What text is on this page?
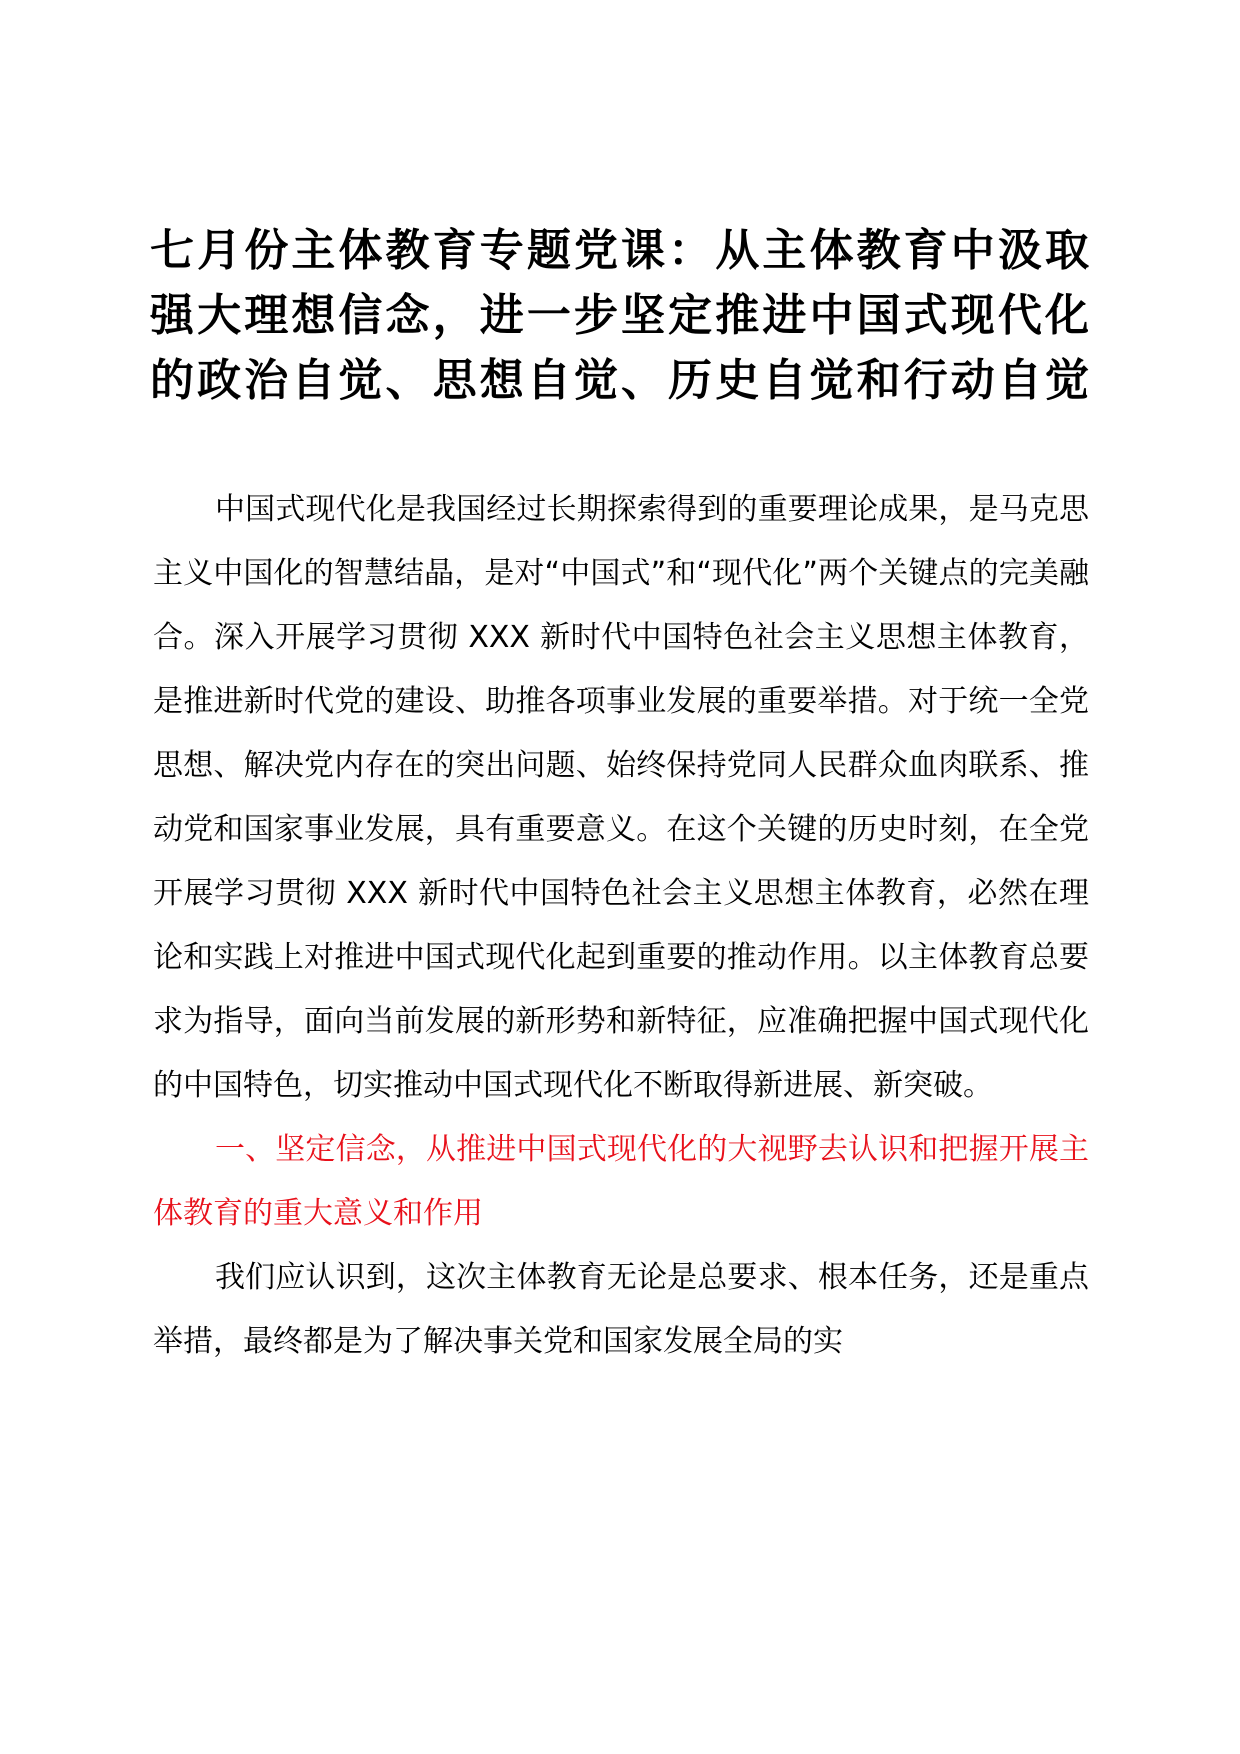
七月份主体教育专题党课：从主体教育中汲取
强大理想信念，进一步坚定推进中国式现代化
的政治自觉、思想自觉、历史自觉和行动自觉

中国式现代化是我国经过长期探索得到的重要理论成果，是马克思主义中国化的智慧结晶，是对“中国式”和“现代化”两个关键点的完美融合。深入开展学习贯彻 XXX 新时代中国特色社会主义思想主体教育，是推进新时代党的建设、助推各项事业发展的重要举措。对于统一全党思想、解决党内存在的突出问题、始终保持党同人民群众血肉联系、推动党和国家事业发展，具有重要意义。在这个关键的历史时刻，在全党开展学习贯彻 XXX 新时代中国特色社会主义思想主体教育，必然在理论和实践上对推进中国式现代化起到重要的推动作用。以主体教育总要求为指导，面向当前发展的新形势和新特征，应准确把握中国式现代化的中国特色，切实推动中国式现代化不断取得新进展、新突破。

一、坚定信念，从推进中国式现代化的大视野去认识和把握开展主体教育的重大意义和作用

我们应认识到，这次主体教育无论是总要求、根本任务，还是重点举措，最终都是为了解决事关党和国家发展全局的实
